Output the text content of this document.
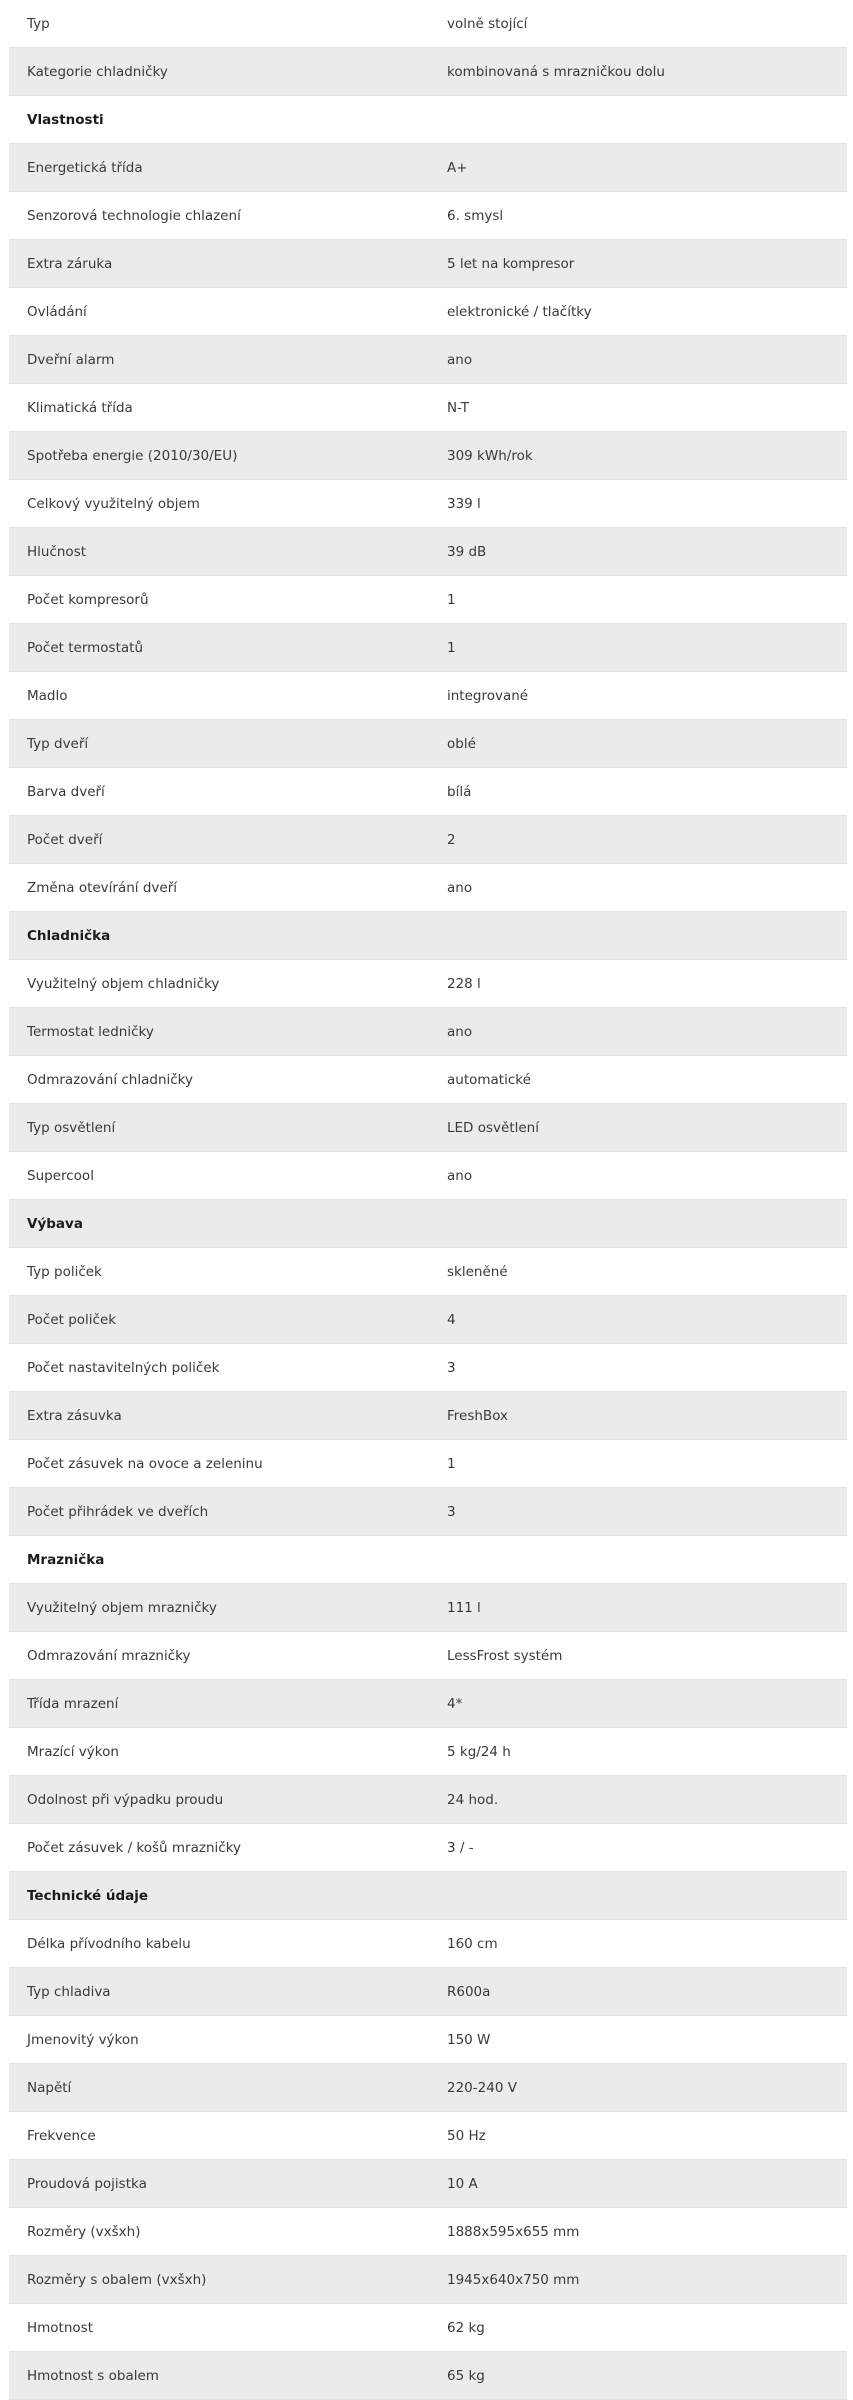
Typ	volně stojící
Kategorie chladničky	kombinovaná s mrazničkou dolu
Vlastnosti	
Energetická třída	A+
Senzorová technologie chlazení	6. smysl
Extra záruka	5 let na kompresor
Ovládání	elektronické / tlačítky
Dveřní alarm	ano
Klimatická třída	N-T
Spotřeba energie (2010/30/EU)	309 kWh/rok
Celkový využitelný objem	339 l
Hlučnost	39 dB
Počet kompresorů	1
Počet termostatů	1
Madlo	integrované
Typ dveří	oblé
Barva dveří	bílá
Počet dveří	2
Změna otevírání dveří	ano
Chladnička	
Využitelný objem chladničky	228 l
Termostat ledničky	ano
Odmrazování chladničky	automatické
Typ osvětlení	LED osvětlení
Supercool	ano
Výbava	
Typ poliček	skleněné
Počet poliček	4
Počet nastavitelných poliček	3
Extra zásuvka	FreshBox
Počet zásuvek na ovoce a zeleninu	1
Počet přihrádek ve dveřích	3
Mraznička	
Využitelný objem mrazničky	111 l
Odmrazování mrazničky	LessFrost systém
Třída mrazení	4*
Mrazící výkon	5 kg/24 h
Odolnost při výpadku proudu	24 hod.
Počet zásuvek / košů mrazničky	3 / -
Technické údaje	
Délka přívodního kabelu	160 cm
Typ chladiva	R600a
Jmenovitý výkon	150 W
Napětí	220-240 V
Frekvence	50 Hz
Proudová pojistka	10 A
Rozměry (vxšxh)	1888x595x655 mm
Rozměry s obalem (vxšxh)	1945x640x750 mm
Hmotnost	62 kg
Hmotnost s obalem	65 kg
